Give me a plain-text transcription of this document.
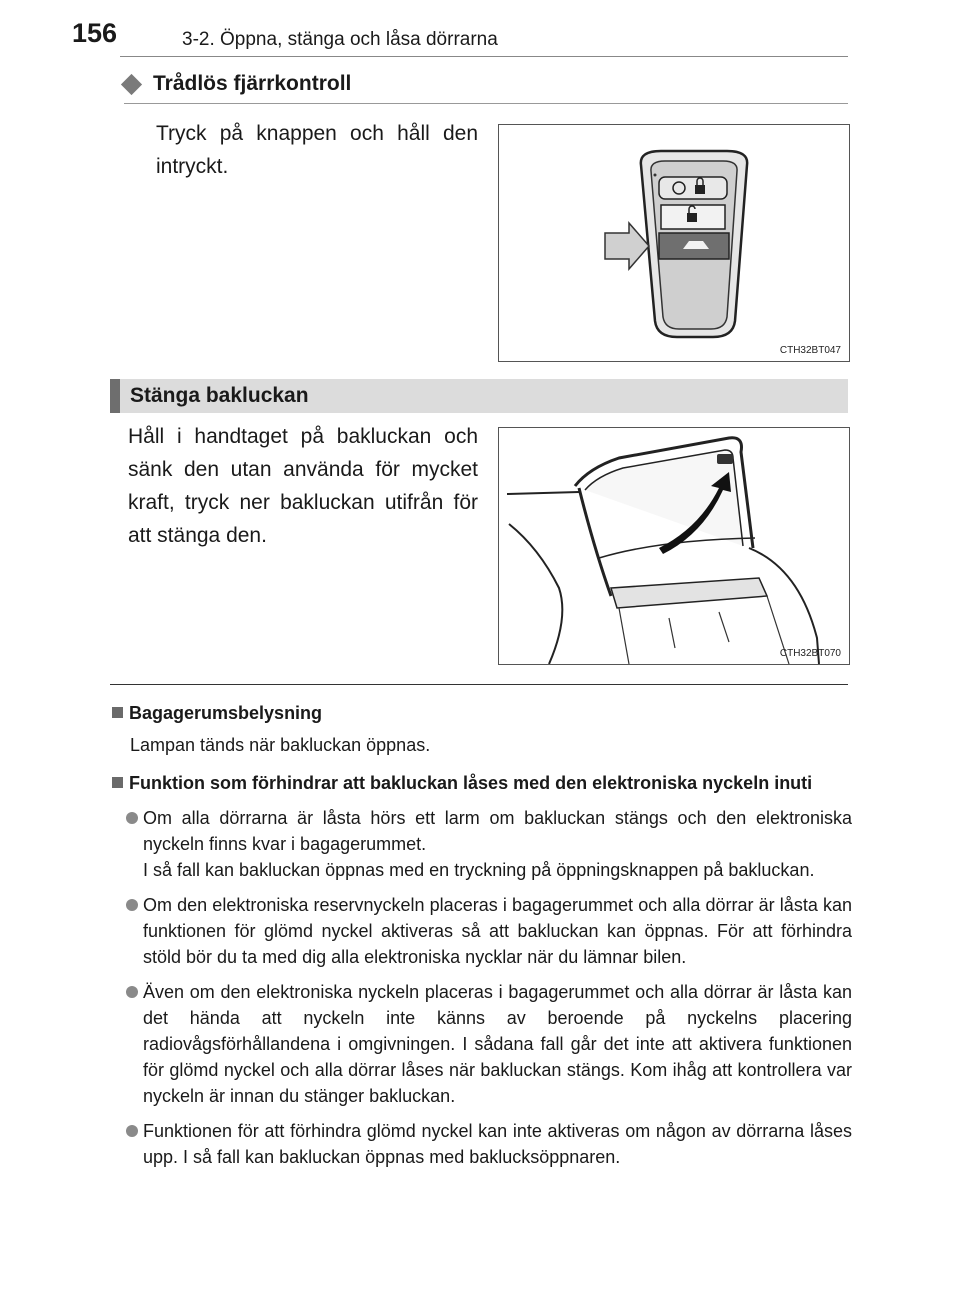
156	3-2. Öppna, stänga och låsa dörrarna
Trådlös fjärrkontroll
Tryck på knappen och håll den intryckt.
CTH32BT047
Stänga bakluckan
Håll i handtaget på bakluckan och sänk den utan använda för mycket kraft, tryck ner bakluckan utifrån för att stänga den.
CTH32BT070
Bagagerumsbelysning
Lampan tänds när bakluckan öppnas.
Funktion som förhindrar att bakluckan låses med den elektroniska nyckeln inuti
Om alla dörrarna är låsta hörs ett larm om bakluckan stängs och den elektroniska nyckeln finns kvar i bagagerummet.
I så fall kan bakluckan öppnas med en tryckning på öppningsknappen på bakluckan.
Om den elektroniska reservnyckeln placeras i bagagerummet och alla dörrar är låsta kan funktionen för glömd nyckel aktiveras så att bakluckan kan öppnas. För att förhindra stöld bör du ta med dig alla elektroniska nycklar när du lämnar bilen.
Även om den elektroniska nyckeln placeras i bagagerummet och alla dörrar är låsta kan det hända att nyckeln inte känns av beroende på nyckelns placering radiovågsförhållandena i omgivningen. I sådana fall går det inte att aktivera funktionen för glömd nyckel och alla dörrar låses när bakluckan stängs. Kom ihåg att kontrollera var nyckeln är innan du stänger bakluckan.
Funktionen för att förhindra glömd nyckel kan inte aktiveras om någon av dörrarna låses upp. I så fall kan bakluckan öppnas med baklucksöppnaren.
